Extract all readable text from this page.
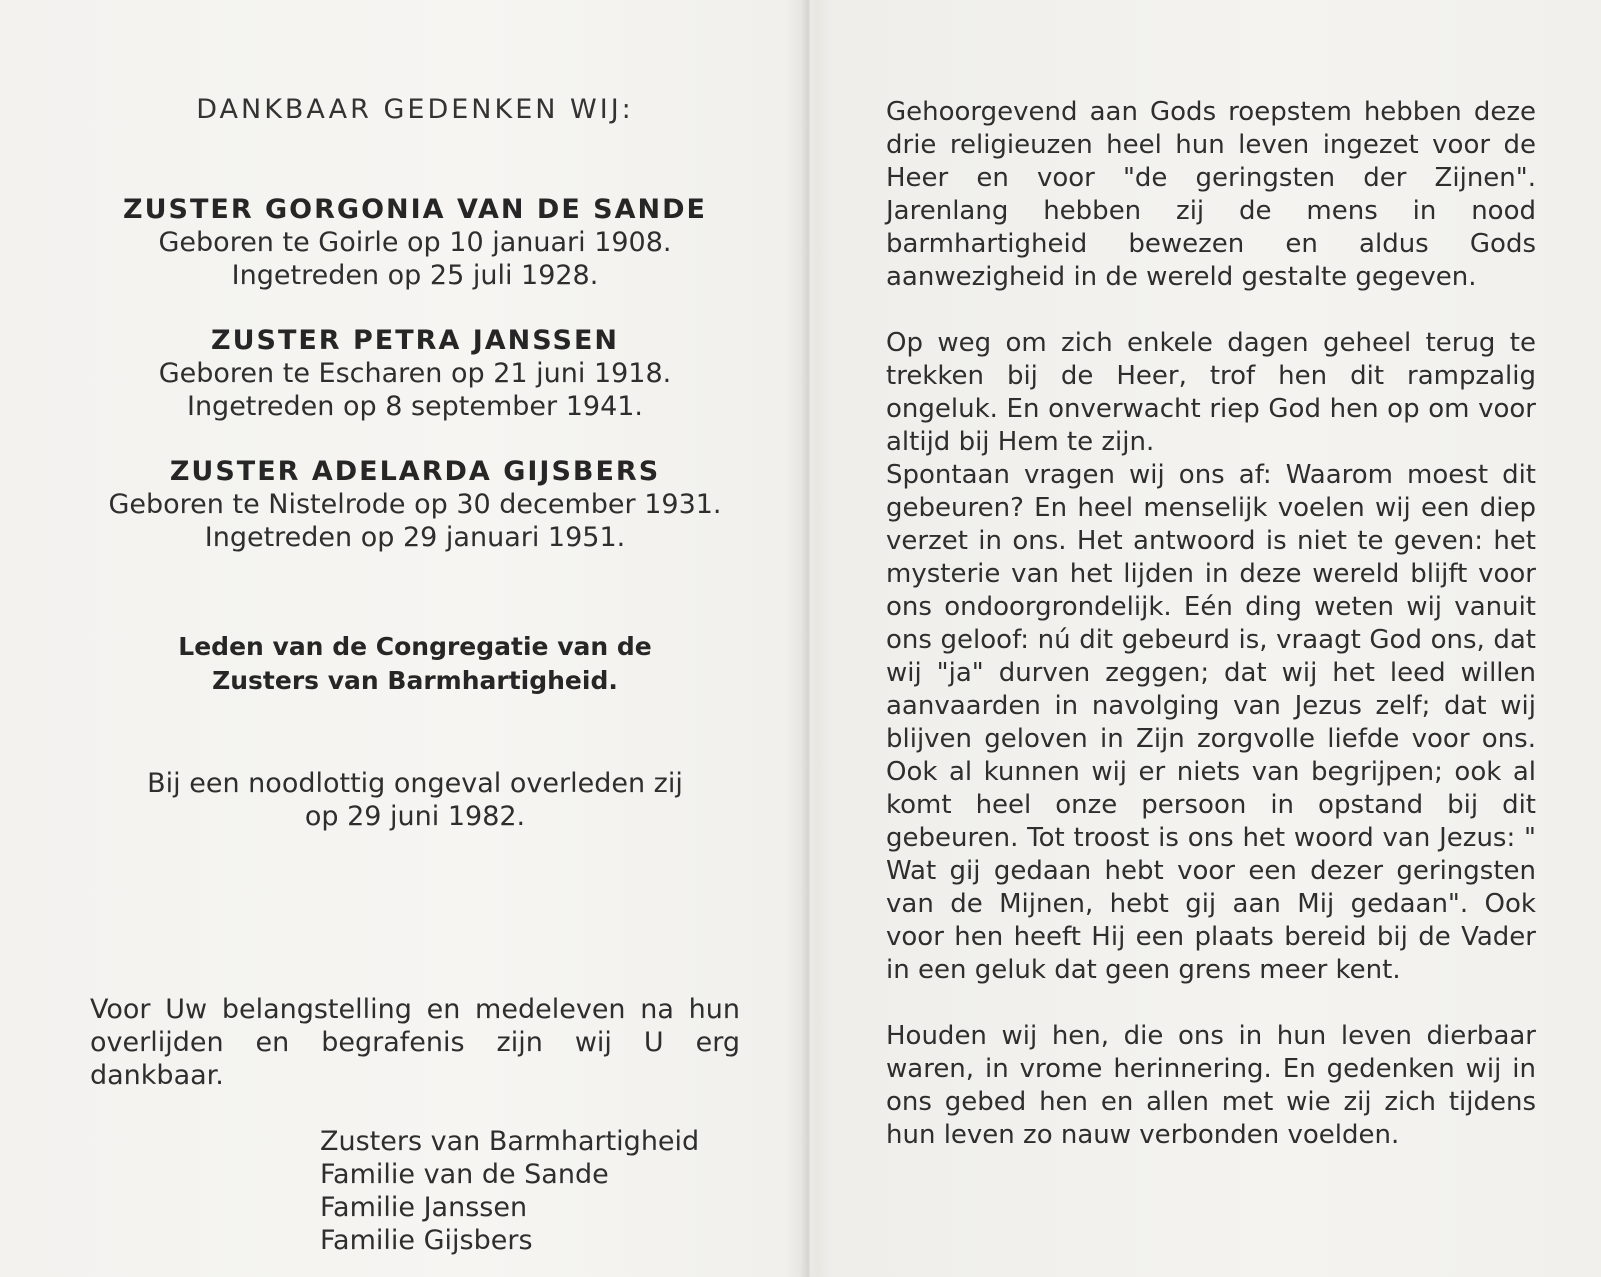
DANKBAAR GEDENKEN WIJ:
ZUSTER GORGONIA VAN DE SANDE
Geboren te Goirle op 10 januari 1908.
Ingetreden op 25 juli 1928.
ZUSTER PETRA JANSSEN
Geboren te Escharen op 21 juni 1918.
Ingetreden op 8 september 1941.
ZUSTER ADELARDA GIJSBERS
Geboren te Nistelrode op 30 december 1931.
Ingetreden op 29 januari 1951.
Leden van de Congregatie van de
Zusters van Barmhartigheid.
Bij een noodlottig ongeval overleden zij
op 29 juni 1982.
Voor Uw belangstelling en medeleven na hun overlijden en begrafenis zijn wij U erg dankbaar.
Zusters van Barmhartigheid
Familie van de Sande
Familie Janssen
Familie Gijsbers

Gehoorgevend aan Gods roepstem hebben deze drie religieuzen heel hun leven ingezet voor de Heer en voor "de geringsten der Zijnen". Jarenlang hebben zij de mens in nood barmhartigheid bewezen en aldus Gods aanwezigheid in de wereld gestalte gegeven.

Op weg om zich enkele dagen geheel terug te trekken bij de Heer, trof hen dit rampzalig ongeluk. En onverwacht riep God hen op om voor altijd bij Hem te zijn.

Spontaan vragen wij ons af: Waarom moest dit gebeuren? En heel menselijk voelen wij een diep verzet in ons. Het antwoord is niet te geven: het mysterie van het lijden in deze wereld blijft voor ons ondoorgrondelijk. Eén ding weten wij vanuit ons geloof: nú dit gebeurd is, vraagt God ons, dat wij "ja" durven zeggen; dat wij het leed willen aanvaarden in navolging van Jezus zelf; dat wij blijven geloven in Zijn zorgvolle liefde voor ons. Ook al kunnen wij er niets van begrijpen; ook al komt heel onze persoon in opstand bij dit gebeuren. Tot troost is ons het woord van Jezus: " Wat gij gedaan hebt voor een dezer geringsten van de Mijnen, hebt gij aan Mij gedaan". Ook voor hen heeft Hij een plaats bereid bij de Vader in een geluk dat geen grens meer kent.

Houden wij hen, die ons in hun leven dierbaar waren, in vrome herinnering. En gedenken wij in ons gebed hen en allen met wie zij zich tijdens hun leven zo nauw verbonden voelden.
